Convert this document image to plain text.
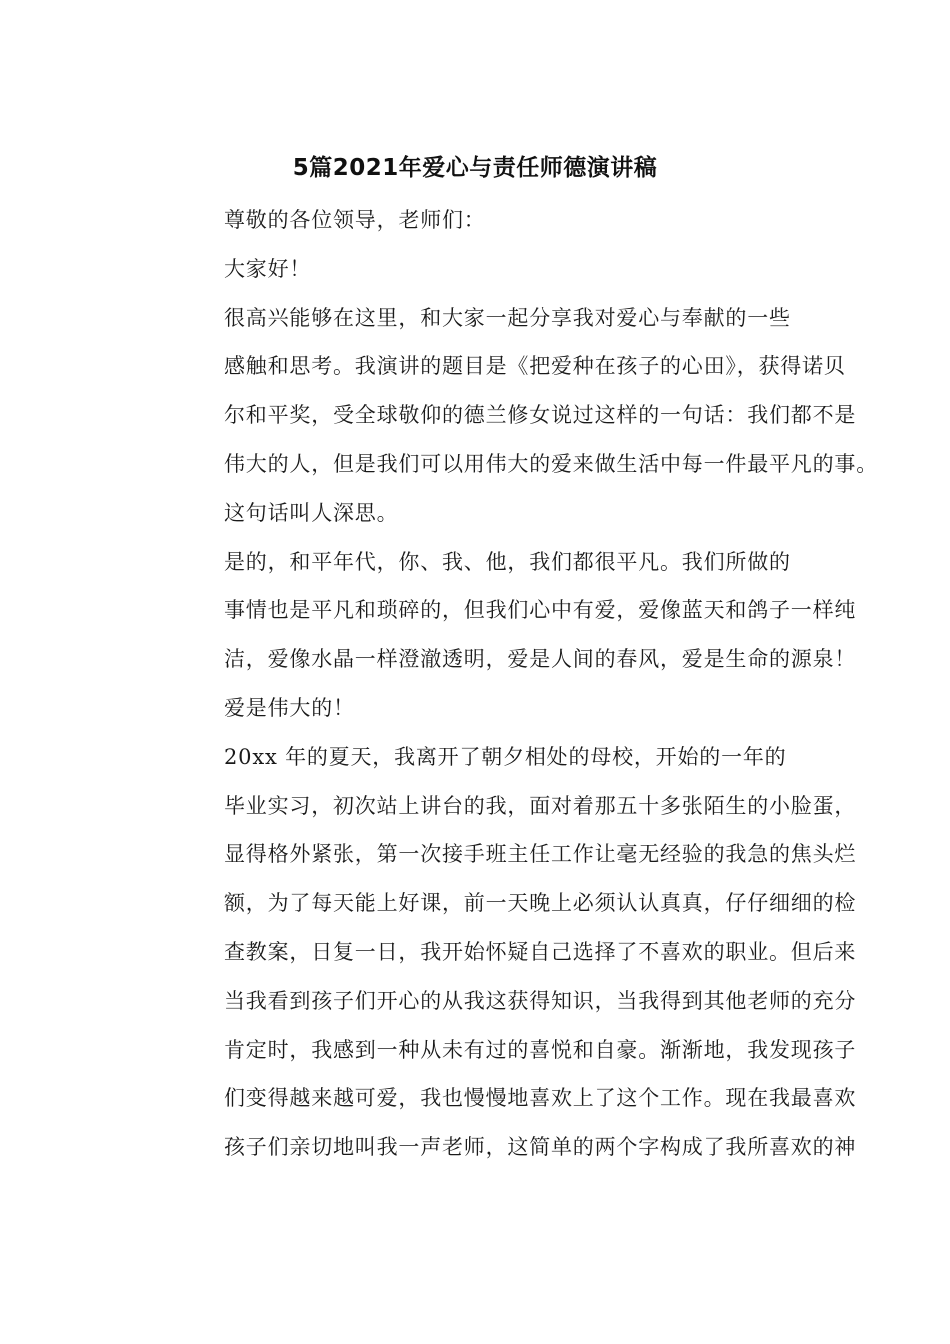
5篇2021年爱心与责任师德演讲稿

尊敬的各位领导，老师们：

大家好！

很高兴能够在这里，和大家一起分享我对爱心与奉献的一些
感触和思考。我演讲的题目是《把爱种在孩子的心田》，获得诺贝
尔和平奖，受全球敬仰的德兰修女说过这样的一句话：我们都不是
伟大的人，但是我们可以用伟大的爱来做生活中每一件最平凡的事。
这句话叫人深思。

是的，和平年代，你、我、他，我们都很平凡。我们所做的
事情也是平凡和琐碎的，但我们心中有爱，爱像蓝天和鸽子一样纯
洁，爱像水晶一样澄澈透明，爱是人间的春风，爱是生命的源泉！
爱是伟大的！

20xx 年的夏天，我离开了朝夕相处的母校，开始的一年的
毕业实习，初次站上讲台的我，面对着那五十多张陌生的小脸蛋，
显得格外紧张，第一次接手班主任工作让毫无经验的我急的焦头烂
额，为了每天能上好课，前一天晚上必须认认真真，仔仔细细的检
查教案，日复一日，我开始怀疑自己选择了不喜欢的职业。但后来
当我看到孩子们开心的从我这获得知识，当我得到其他老师的充分
肯定时，我感到一种从未有过的喜悦和自豪。渐渐地，我发现孩子
们变得越来越可爱，我也慢慢地喜欢上了这个工作。现在我最喜欢
孩子们亲切地叫我一声老师，这简单的两个字构成了我所喜欢的神
